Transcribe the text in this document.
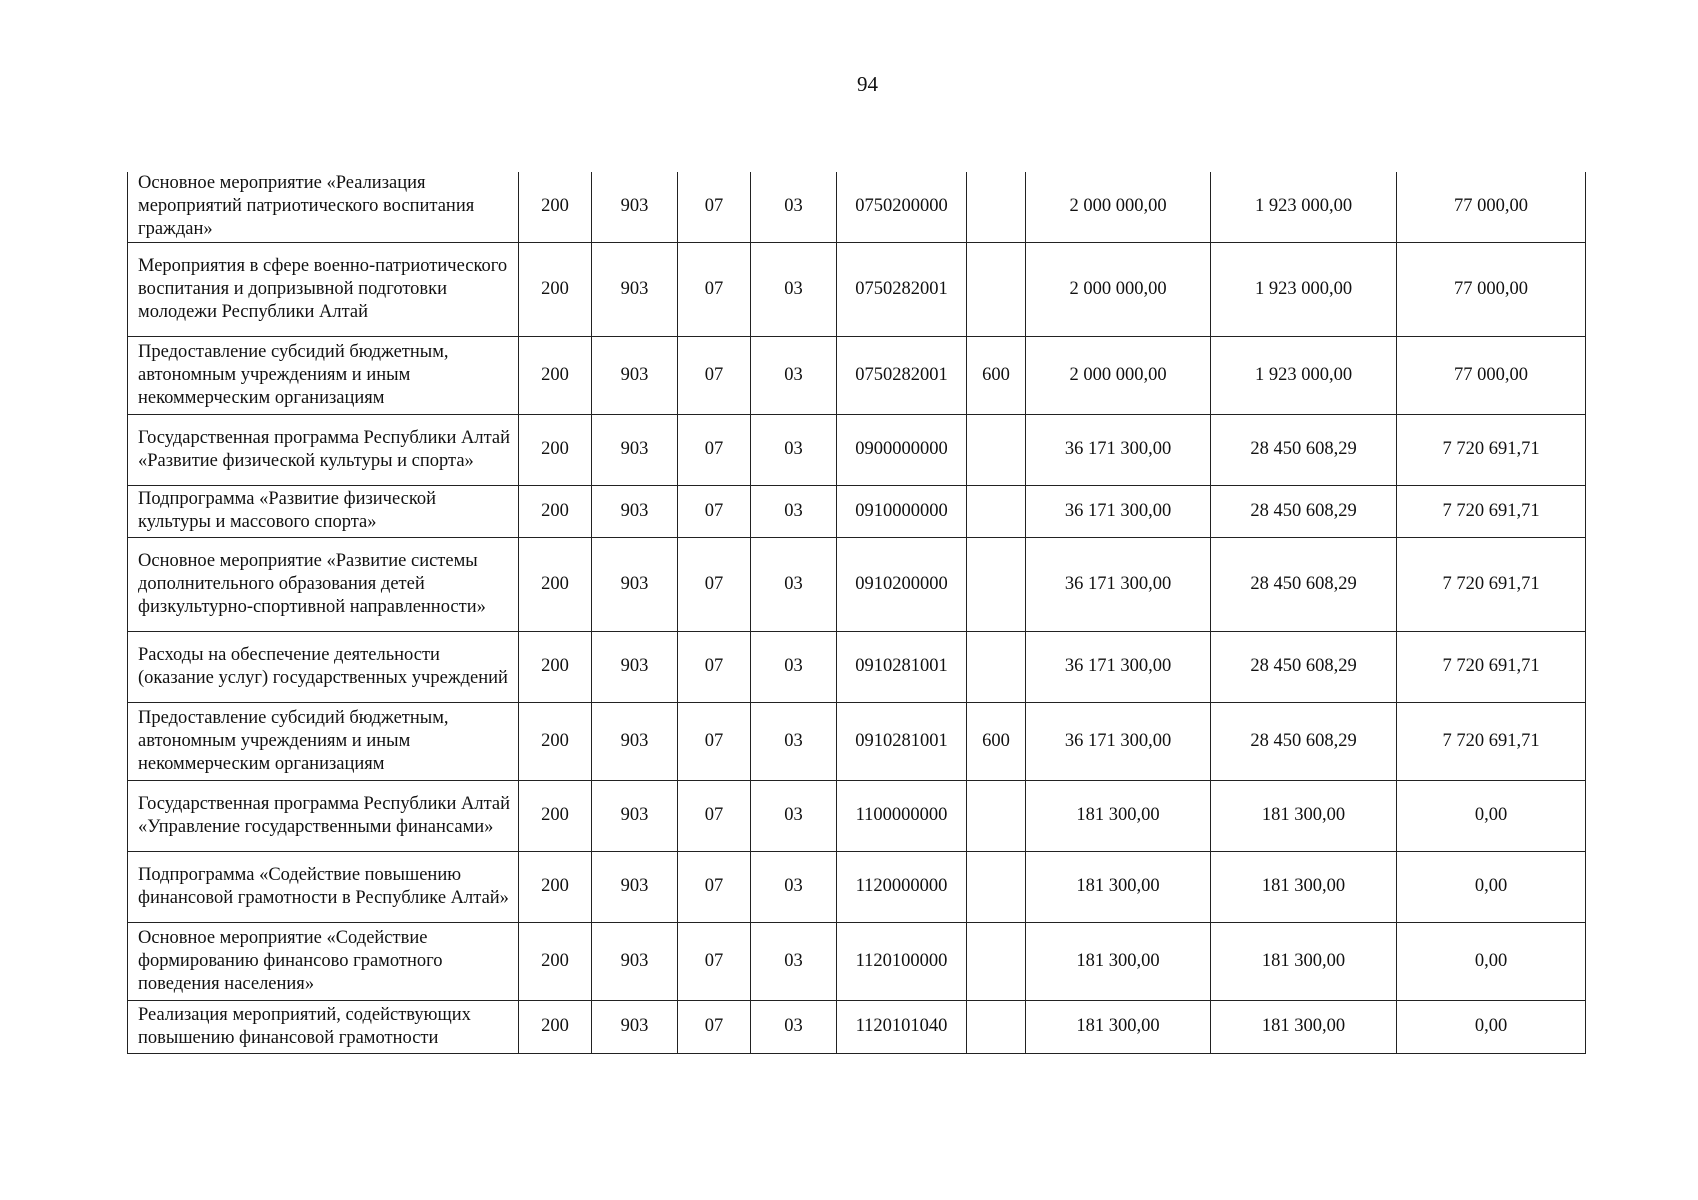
94
Основное мероприятие «Реализация мероприятий патриотического воспитания граждан»	200	903	07	03	0750200000		2 000 000,00	1 923 000,00	77 000,00
Мероприятия в сфере военно-патриотического воспитания и допризывной подготовки молодежи Республики Алтай	200	903	07	03	0750282001		2 000 000,00	1 923 000,00	77 000,00
Предоставление субсидий бюджетным, автономным учреждениям и иным некоммерческим организациям	200	903	07	03	0750282001	600	2 000 000,00	1 923 000,00	77 000,00
Государственная программа Республики Алтай «Развитие физической культуры и спорта»	200	903	07	03	0900000000		36 171 300,00	28 450 608,29	7 720 691,71
Подпрограмма «Развитие физической культуры и массового спорта»	200	903	07	03	0910000000		36 171 300,00	28 450 608,29	7 720 691,71
Основное мероприятие «Развитие системы дополнительного образования детей физкультурно-спортивной направленности»	200	903	07	03	0910200000		36 171 300,00	28 450 608,29	7 720 691,71
Расходы на обеспечение деятельности (оказание услуг) государственных учреждений	200	903	07	03	0910281001		36 171 300,00	28 450 608,29	7 720 691,71
Предоставление субсидий бюджетным, автономным учреждениям и иным некоммерческим организациям	200	903	07	03	0910281001	600	36 171 300,00	28 450 608,29	7 720 691,71
Государственная программа Республики Алтай «Управление государственными финансами»	200	903	07	03	1100000000		181 300,00	181 300,00	0,00
Подпрограмма «Содействие повышению финансовой грамотности в Республике Алтай»	200	903	07	03	1120000000		181 300,00	181 300,00	0,00
Основное мероприятие «Содействие формированию финансово грамотного поведения населения»	200	903	07	03	1120100000		181 300,00	181 300,00	0,00
Реализация мероприятий, содействующих повышению финансовой грамотности	200	903	07	03	1120101040		181 300,00	181 300,00	0,00
